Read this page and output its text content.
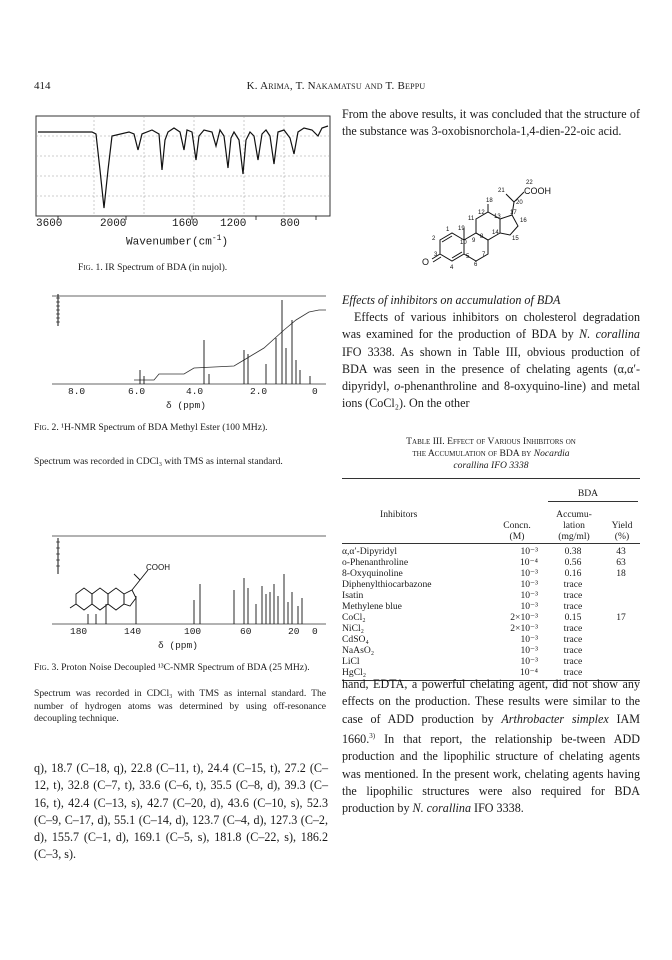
414	K. Arima, T. Nakamatsu and T. Beppu
3600	2000	1600 1200	800
$Wavenumber(cm^{-1})$
Fig. 1. IR Spectrum of BDA (in nujol).
8.0	6.0	4.0	2.0	0
δ (ppm)
Fig. 2. ¹H-NMR Spectrum of BDA Methyl Ester (100 MHz).
Spectrum was recorded in CDCl₃ with TMS as internal standard.
COOH
180	140	100	60	20 0
δ (ppm)
Fig. 3. Proton Noise Decoupled ¹³C-NMR Spectrum of BDA (25 MHz).
Spectrum was recorded in CDCl₃ with TMS as internal standard. The number of hydrogen atoms was determined by using off-resonance decoupling technique.
q), 18.7 (C–18, q), 22.8 (C–11, t), 24.4 (C–15, t), 27.2 (C–12, t), 32.8 (C–7, t), 33.6 (C–6, t), 35.5 (C–8, d), 39.3 (C–16, t), 42.4 (C–13, s), 42.7 (C–20, d), 43.6 (C–10, s), 52.3 (C–9, C–17, d), 55.1 (C–14, d), 123.7 (C–4, d), 127.3 (C–2, d), 155.7 (C–1, d), 169.1 (C–5, s), 181.8 (C–22, s), 186.2 (C–3, s).
From the above results, it was concluded that the structure of the substance was 3-oxobisnorchola-1,4-dien-22-oic acid.
COOH
O
22
21
20
18
12
11	13
17
16
1 19
14
15
2
10
8
9
3	5 7
4	6
Effects of inhibitors on accumulation of BDA
Effects of various inhibitors on cholesterol degradation was examined for the production of BDA by N. corallina IFO 3338. As shown in Table III, obvious production of BDA was seen in the presence of chelating agents (α,α′-dipyridyl, o-phenanthroline and 8-oxyquino-line) and metal ions (CoCl₂). On the other
Table III. Effect of Various Inhibitors on
the Accumulation of BDA by Nocardia
corallina IFO 3338
BDA
Inhibitors
Concn.
(M)
Accumu-
lation
(mg/ml)
Yield
(%)
α,α′-Dipyridyl	10⁻³	0.38	43
o-Phenanthroline	10⁻⁴	0.56	63
8-Oxyquinoline	10⁻³	0.16	18
Diphenylthiocarbazone	10⁻³	trace	
Isatin	10⁻³	trace	
Methylene blue	10⁻³	trace	
CoCl₂	2×10⁻³	0.15	17
NiCl₂	2×10⁻³	trace	
CdSO₄	10⁻³	trace	
NaAsO₂	10⁻³	trace	
LiCl	10⁻³	trace	
HgCl₂	10⁻⁴	trace	
hand, EDTA, a powerful chelating agent, did not show any effects on the production. These results were similar to the case of ADD production by Arthrobacter simplex IAM 1660.$^{3)}$ In that report, the relationship be-tween ADD production and the lipophilic structure of chelating agents was mentioned. In the present work, chelating agents having the lipophilic structures were also required for BDA production by N. corallina IFO 3338.
